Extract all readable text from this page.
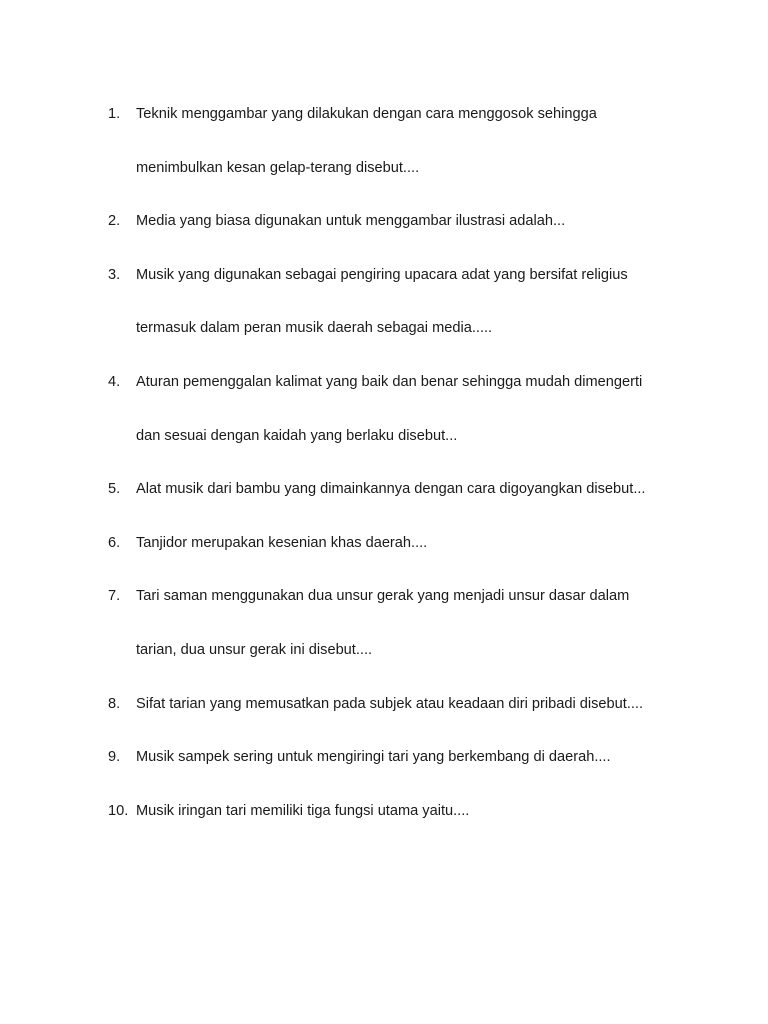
1. Teknik menggambar yang dilakukan dengan cara menggosok sehingga
menimbulkan kesan gelap-terang disebut....
2. Media yang biasa digunakan untuk menggambar ilustrasi adalah...
3. Musik yang digunakan sebagai pengiring upacara adat yang bersifat religius
termasuk dalam peran musik daerah sebagai media.....
4. Aturan pemenggalan kalimat yang baik dan benar sehingga mudah dimengerti
dan sesuai dengan kaidah yang berlaku disebut...
5. Alat musik dari bambu yang dimainkannya dengan cara digoyangkan disebut...
6. Tanjidor merupakan kesenian khas daerah....
7. Tari saman menggunakan dua unsur gerak yang menjadi unsur dasar dalam
tarian, dua unsur gerak ini disebut....
8. Sifat tarian yang memusatkan pada subjek atau keadaan diri pribadi disebut....
9. Musik sampek sering untuk mengiringi tari yang berkembang di daerah....
10. Musik iringan tari memiliki tiga fungsi utama yaitu....
